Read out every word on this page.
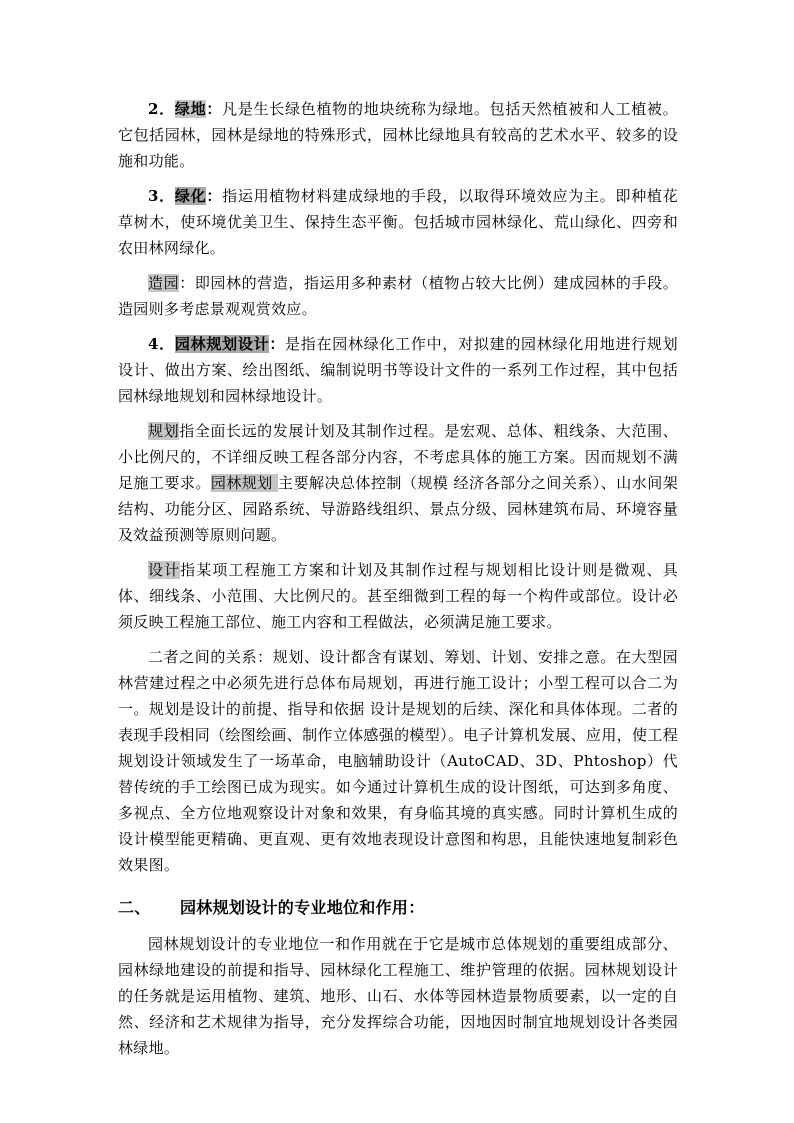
2．绿地：凡是生长绿色植物的地块统称为绿地。包括天然植被和人工植被。它包括园林，园林是绿地的特殊形式，园林比绿地具有较高的艺术水平、较多的设施和功能。

3．绿化：指运用植物材料建成绿地的手段，以取得环境效应为主。即种植花草树木，使环境优美卫生、保持生态平衡。包括城市园林绿化、荒山绿化、四旁和农田林网绿化。

造园：即园林的营造，指运用多种素材（植物占较大比例）建成园林的手段。造园则多考虑景观观赏效应。

4．园林规划设计：是指在园林绿化工作中，对拟建的园林绿化用地进行规划设计、做出方案、绘出图纸、编制说明书等设计文件的一系列工作过程，其中包括园林绿地规划和园林绿地设计。

规划指全面长远的发展计划及其制作过程。是宏观、总体、粗线条、大范围、小比例尺的，不详细反映工程各部分内容，不考虑具体的施工方案。因而规划不满足施工要求。园林规划 主要解决总体控制（规模 经济各部分之间关系）、山水间架结构、功能分区、园路系统、导游路线组织、景点分级、园林建筑布局、环境容量及效益预测等原则问题。

设计指某项工程施工方案和计划及其制作过程与规划相比设计则是微观、具体、细线条、小范围、大比例尺的。甚至细微到工程的每一个构件或部位。设计必须反映工程施工部位、施工内容和工程做法，必须满足施工要求。

二者之间的关系：规划、设计都含有谋划、筹划、计划、安排之意。在大型园林营建过程之中必须先进行总体布局规划，再进行施工设计；小型工程可以合二为一。规划是设计的前提、指导和依据 设计是规划的后续、深化和具体体现。二者的表现手段相同（绘图绘画、制作立体感强的模型）。电子计算机发展、应用，使工程规划设计领域发生了一场革命，电脑辅助设计（AutoCAD、3D、Phtoshop）代替传统的手工绘图已成为现实。如今通过计算机生成的设计图纸，可达到多角度、多视点、全方位地观察设计对象和效果，有身临其境的真实感。同时计算机生成的设计模型能更精确、更直观、更有效地表现设计意图和构思，且能快速地复制彩色效果图。

二、 园林规划设计的专业地位和作用：

园林规划设计的专业地位一和作用就在于它是城市总体规划的重要组成部分、园林绿地建设的前提和指导、园林绿化工程施工、维护管理的依据。园林规划设计的任务就是运用植物、建筑、地形、山石、水体等园林造景物质要素，以一定的自然、经济和艺术规律为指导，充分发挥综合功能，因地因时制宜地规划设计各类园林绿地。
